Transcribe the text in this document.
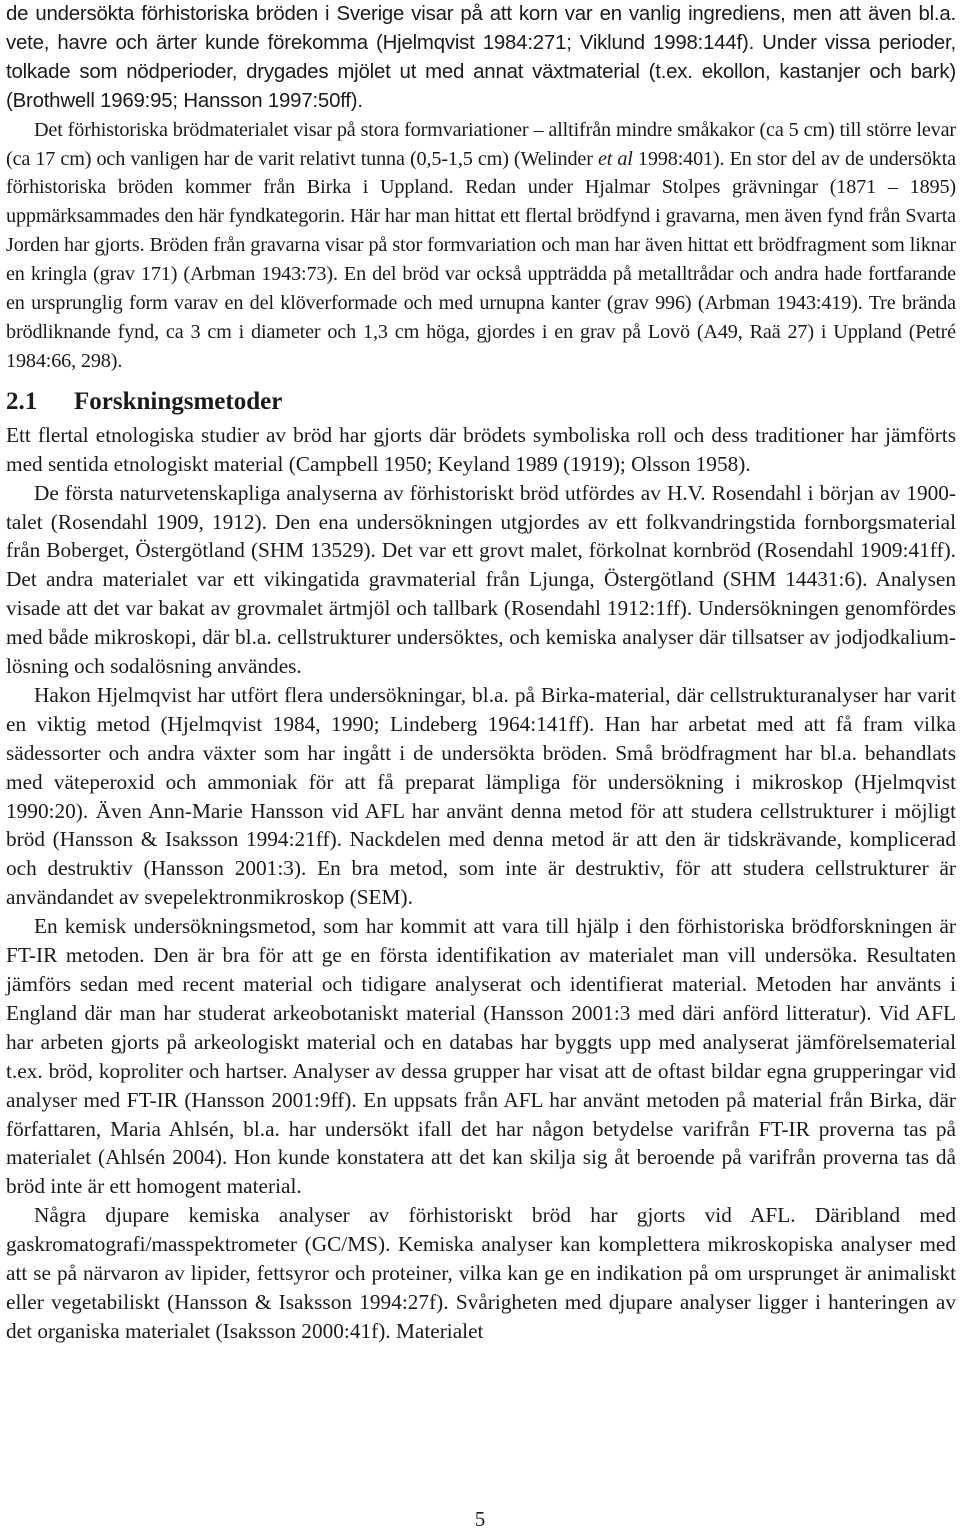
de undersökta förhistoriska bröden i Sverige visar på att korn var en vanlig ingrediens, men att även bl.a. vete, havre och ärter kunde förekomma (Hjelmqvist 1984:271; Viklund 1998:144f). Under vissa perioder, tolkade som nödperioder, drygades mjölet ut med annat växtmaterial (t.ex. ekollon, kastanjer och bark) (Brothwell 1969:95; Hansson 1997:50ff).

Det förhistoriska brödmaterialet visar på stora formvariationer – alltifrån mindre småkakor (ca 5 cm) till större levar (ca 17 cm) och vanligen har de varit relativt tunna (0,5-1,5 cm) (Welinder et al 1998:401). En stor del av de undersökta förhistoriska bröden kommer från Birka i Uppland. Redan under Hjalmar Stolpes grävningar (1871 – 1895) uppmärksammades den här fyndkategorin. Här har man hittat ett flertal brödfynd i gravarna, men även fynd från Svarta Jorden har gjorts. Bröden från gravarna visar på stor formvariation och man har även hittat ett brödfragment som liknar en kringla (grav 171) (Arbman 1943:73). En del bröd var också uppträdda på metalltrådar och andra hade fortfarande en ursprunglig form varav en del klöverformade och med urnupna kanter (grav 996) (Arbman 1943:419). Tre brända brödliknande fynd, ca 3 cm i diameter och 1,3 cm höga, gjordes i en grav på Lovö (A49, Raä 27) i Uppland (Petré 1984:66, 298).

2.1 Forskningsmetoder

Ett flertal etnologiska studier av bröd har gjorts där brödets symboliska roll och dess traditioner har jämförts med sentida etnologiskt material (Campbell 1950; Keyland 1989 (1919); Olsson 1958).

De första naturvetenskapliga analyserna av förhistoriskt bröd utfördes av H.V. Rosendahl i början av 1900-talet (Rosendahl 1909, 1912). Den ena undersökningen utgjordes av ett folkvandringstida fornborgsmaterial från Boberget, Östergötland (SHM 13529). Det var ett grovt malet, förkolnat kornbröd (Rosendahl 1909:41ff). Det andra materialet var ett vikingatida gravmaterial från Ljunga, Östergötland (SHM 14431:6). Analysen visade att det var bakat av grovmalet ärtmjöl och tallbark (Rosendahl 1912:1ff). Undersökningen genomfördes med både mikroskopi, där bl.a. cellstrukturer undersöktes, och kemiska analyser där tillsatser av jodjodkaliumlösning och sodalösning användes.

Hakon Hjelmqvist har utfört flera undersökningar, bl.a. på Birka-material, där cellstrukturanalyser har varit en viktig metod (Hjelmqvist 1984, 1990; Lindeberg 1964:141ff). Han har arbetat med att få fram vilka sädessorter och andra växter som har ingått i de undersökta bröden. Små brödfragment har bl.a. behandlats med väteperoxid och ammoniak för att få preparat lämpliga för undersökning i mikroskop (Hjelmqvist 1990:20). Även Ann-Marie Hansson vid AFL har använt denna metod för att studera cellstrukturer i möjligt bröd (Hansson & Isaksson 1994:21ff). Nackdelen med denna metod är att den är tidskrävande, komplicerad och destruktiv (Hansson 2001:3). En bra metod, som inte är destruktiv, för att studera cellstrukturer är användandet av svepelektronmikroskop (SEM).

En kemisk undersökningsmetod, som har kommit att vara till hjälp i den förhistoriska brödforskningen är FT-IR metoden. Den är bra för att ge en första identifikation av materialet man vill undersöka. Resultaten jämförs sedan med recent material och tidigare analyserat och identifierat material. Metoden har använts i England där man har studerat arkeobotaniskt material (Hansson 2001:3 med däri anförd litteratur). Vid AFL har arbeten gjorts på arkeologiskt material och en databas har byggts upp med analyserat jämförelsematerial t.ex. bröd, koproliter och hartser. Analyser av dessa grupper har visat att de oftast bildar egna grupperingar vid analyser med FT-IR (Hansson 2001:9ff). En uppsats från AFL har använt metoden på material från Birka, där författaren, Maria Ahlsén, bl.a. har undersökt ifall det har någon betydelse varifrån FT-IR proverna tas på materialet (Ahlsén 2004). Hon kunde konstatera att det kan skilja sig åt beroende på varifrån proverna tas då bröd inte är ett homogent material.

Några djupare kemiska analyser av förhistoriskt bröd har gjorts vid AFL. Däribland med gaskromatografi/masspektrometer (GC/MS). Kemiska analyser kan komplettera mikroskopiska analyser med att se på närvaron av lipider, fettsyror och proteiner, vilka kan ge en indikation på om ursprunget är animaliskt eller vegetabiliskt (Hansson & Isaksson 1994:27f). Svårigheten med djupare analyser ligger i hanteringen av det organiska materialet (Isaksson 2000:41f). Materialet

5
